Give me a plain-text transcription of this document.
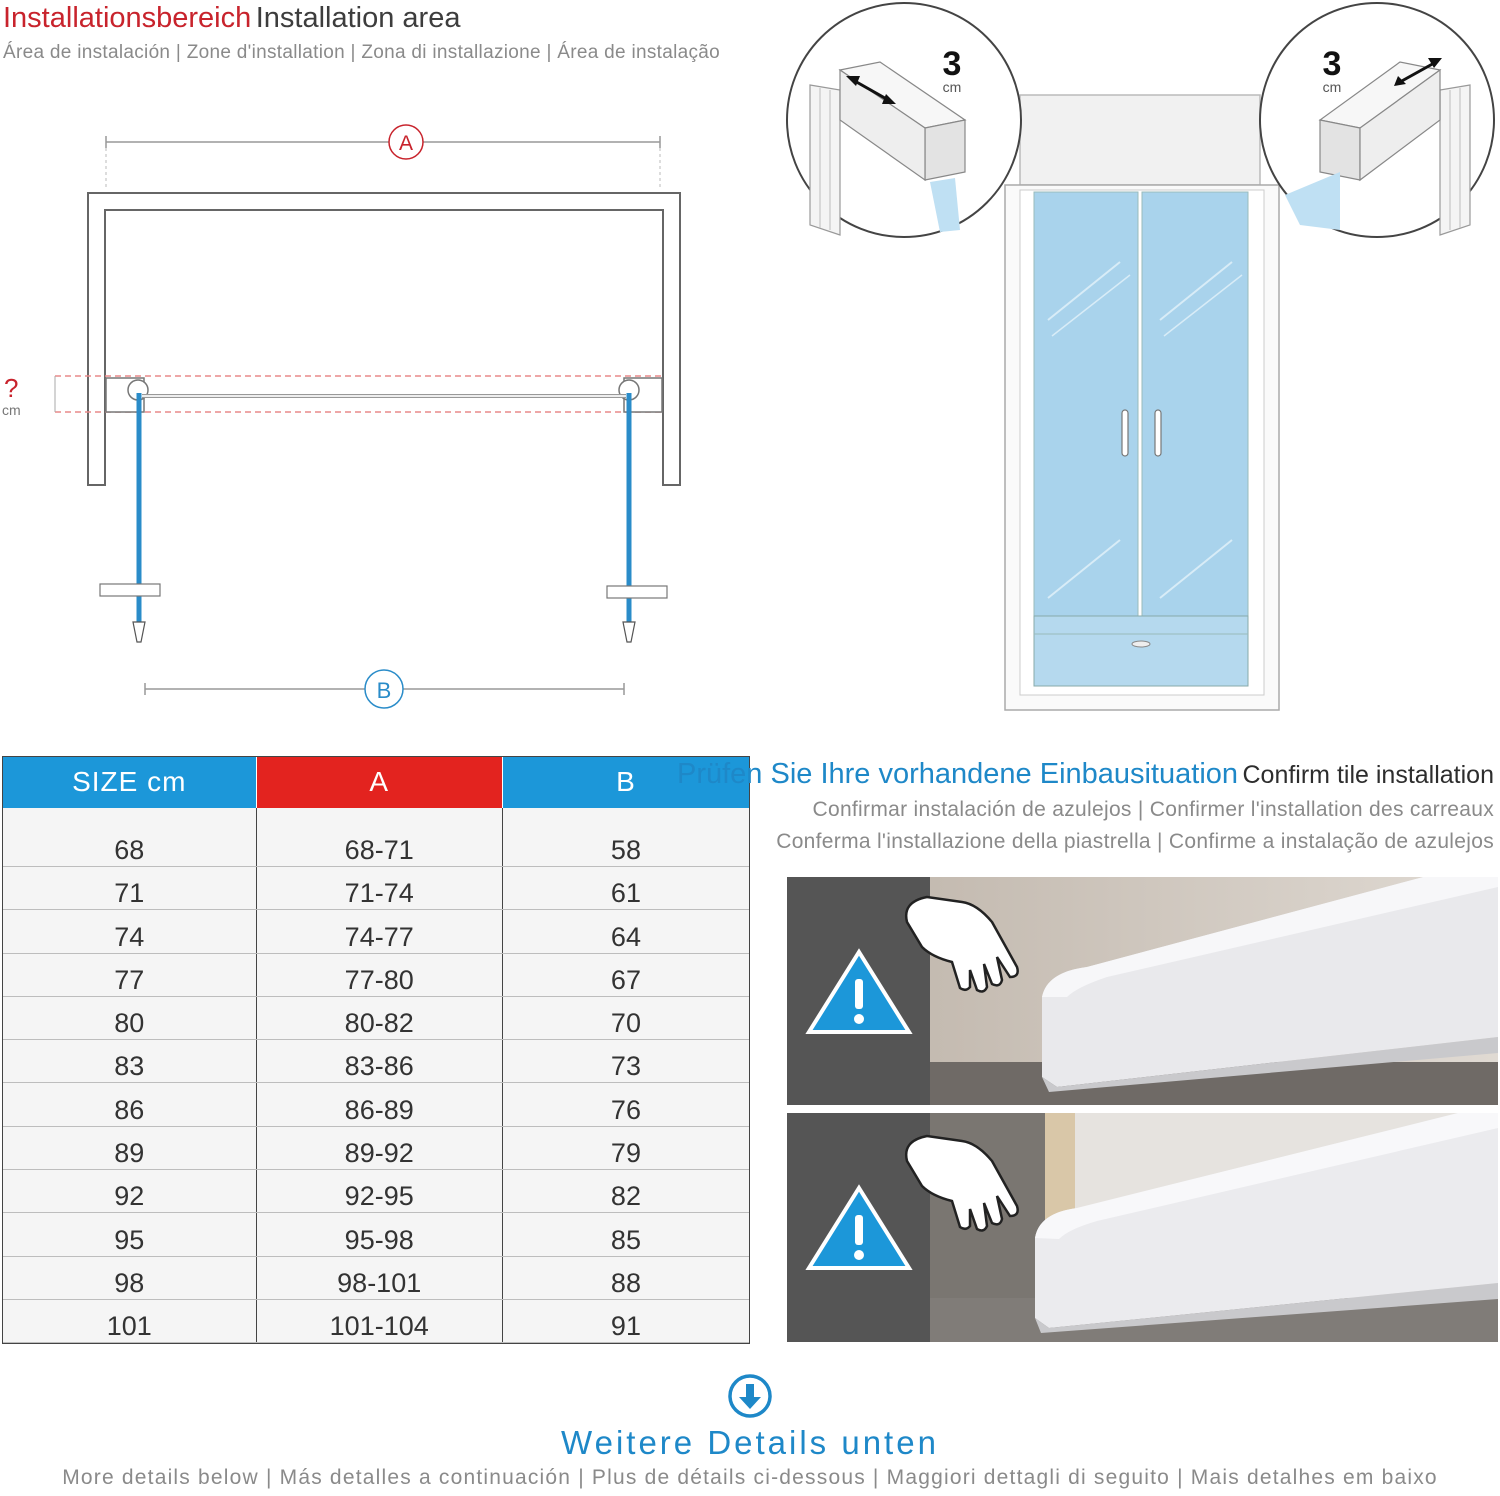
Installationsbereich Installation area
Área de instalación | Zone d'installation | Zona di installazione | Área de instalação
A
?
cm
B
3
cm
3
cm
SIZE cm	A	B
68	68-71	58
71	71-74	61
74	74-77	64
77	77-80	67
80	80-82	70
83	83-86	73
86	86-89	76
89	89-92	79
92	92-95	82
95	95-98	85
98	98-101	88
101	101-104	91
Prüfen Sie Ihre vorhandene Einbausituation Confirm tile installation
Confirmar instalación de azulejos | Confirmer l'installation des carreaux
Conferma l'installazione della piastrella | Confirme a instalação de azulejos
Weitere Details unten
More details below | Más detalles a continuación | Plus de détails ci-dessous | Maggiori dettagli di seguito | Mais detalhes em baixo
